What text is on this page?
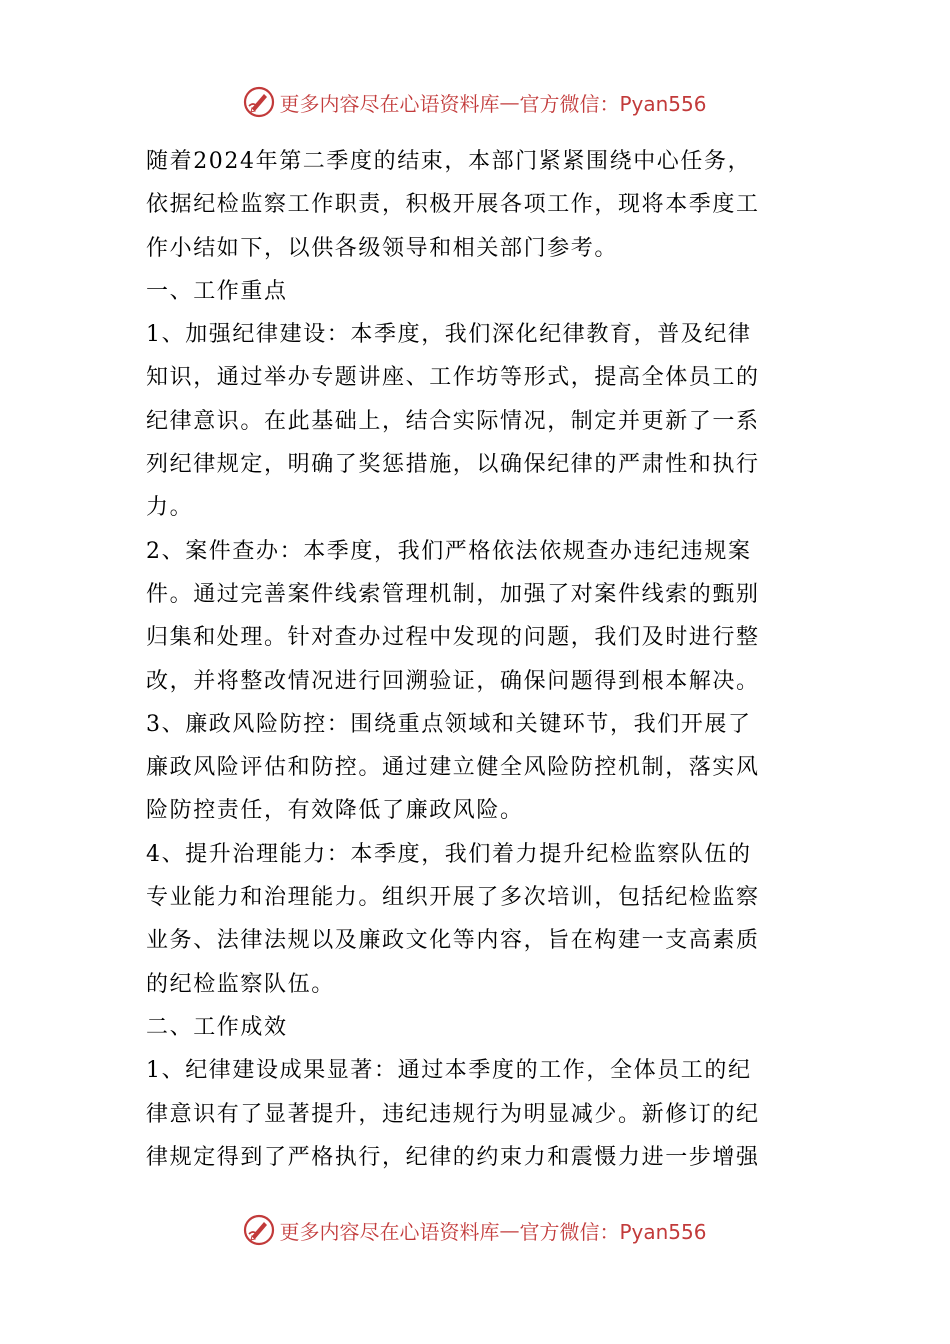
更多内容尽在心语资料库 — 官方微信：Pyan556
随着2024年第二季度的结束，本部门紧紧围绕中心任务，
依据纪检监察工作职责，积极开展各项工作，现将本季度工
作小结如下，以供各级领导和相关部门参考。
一、工作重点
1、加强纪律建设：本季度，我们深化纪律教育，普及纪律
知识，通过举办专题讲座、工作坊等形式，提高全体员工的
纪律意识。在此基础上，结合实际情况，制定并更新了一系
列纪律规定，明确了奖惩措施，以确保纪律的严肃性和执行
力。
2、案件查办：本季度，我们严格依法依规查办违纪违规案
件。通过完善案件线索管理机制，加强了对案件线索的甄别
归集和处理。针对查办过程中发现的问题，我们及时进行整
改，并将整改情况进行回溯验证，确保问题得到根本解决。
3、廉政风险防控：围绕重点领域和关键环节，我们开展了
廉政风险评估和防控。通过建立健全风险防控机制，落实风
险防控责任，有效降低了廉政风险。
4、提升治理能力：本季度，我们着力提升纪检监察队伍的
专业能力和治理能力。组织开展了多次培训，包括纪检监察
业务、法律法规以及廉政文化等内容，旨在构建一支高素质
的纪检监察队伍。
二、工作成效
1、纪律建设成果显著：通过本季度的工作，全体员工的纪
律意识有了显著提升，违纪违规行为明显减少。新修订的纪
律规定得到了严格执行，纪律的约束力和震慑力进一步增强
更多内容尽在心语资料库 — 官方微信：Pyan556
